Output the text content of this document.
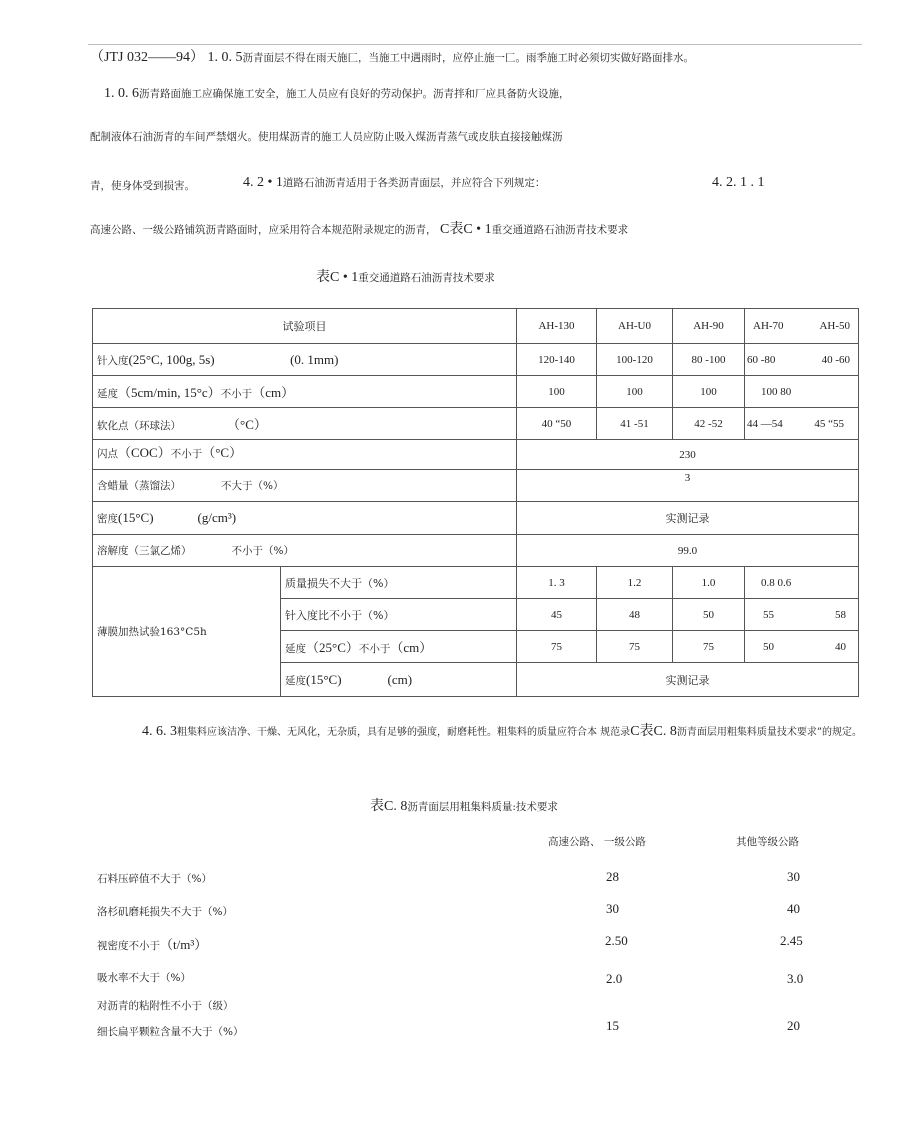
（JTJ 032——94） 1. 0. 5沥青面层不得在雨天施匚，当施工中遇雨时，应停止施一匚。雨季施工时必须切实做好路面排水。
1. 0. 6沥青路面施工应确保施工安全，施工人员应有良好的劳动保护。沥青拌和厂应具备防火设施，
配制液体石油沥青的车间严禁烟火。使用煤沥青的施工人员应防止吸入煤沥青蒸气或皮肤直接接触煤沥
青，使身体受到损害。	4. 2 • 1道路石油沥青适用于各类沥青面层，并应符合下列规定：	4. 2. 1 . 1
高速公路、一级公路铺筑沥青路面时，应采用符合本规范附录规定的沥青， C表C • 1重交通道路石油沥青技术要求
表C • 1重交通道路石油沥青技术要求
试验项目		AH-130	AH-U0	AH-90	AH-70 AH-50

针入度(25°C, 100g, 5s) (0. 1mm)		120-140	100-120	80 -100	60 -80 40 -60

延度（5cm/min, 15°c）不小于（cm）		100	100	100	100 80
软化点（环球法） （°C）		40 “50	41 -51	42 -52	44 —54 45 “55

闪点（COC）不小于（°C）		230			
含蜡量（蒸馏法） 不大于（%）		3			
密度(15°C) (g/cm³)		实测记录			
溶解度（三氯乙烯） 不小于（%）		99.0			
薄膜加热试验163°C5h	质量损失不大于（%）	1. 3	1.2	1.0	0.8 0.6
	针入度比不小于（%）	45	48	50	55 58

	延度（25°C）不小于（cm）	75	75	75	50 40

	延度(15°C) (cm)	实测记录			
4. 6. 3粗集料应该洁净、干燥、无风化，无杂质，具有足够的强度，耐磨耗性。粗集料的质量应符合本 规范录C表C. 8沥青面层用粗集料质量技术要求”的规定。
表C. 8沥青面层用粗集料质量:技术要求
高速公路、 一级公路	其他等级公路
石料压碎值不大于（%）	28	30
洛杉矶磨耗损失不大于（%）	30	40
视密度不小于（t/m³）	2.50	2.45
吸水率不大于（%）	2.0	3.0
对沥青的粘附性不小于（级）
细长扁平颗粒含量不大于（%）	15	20
